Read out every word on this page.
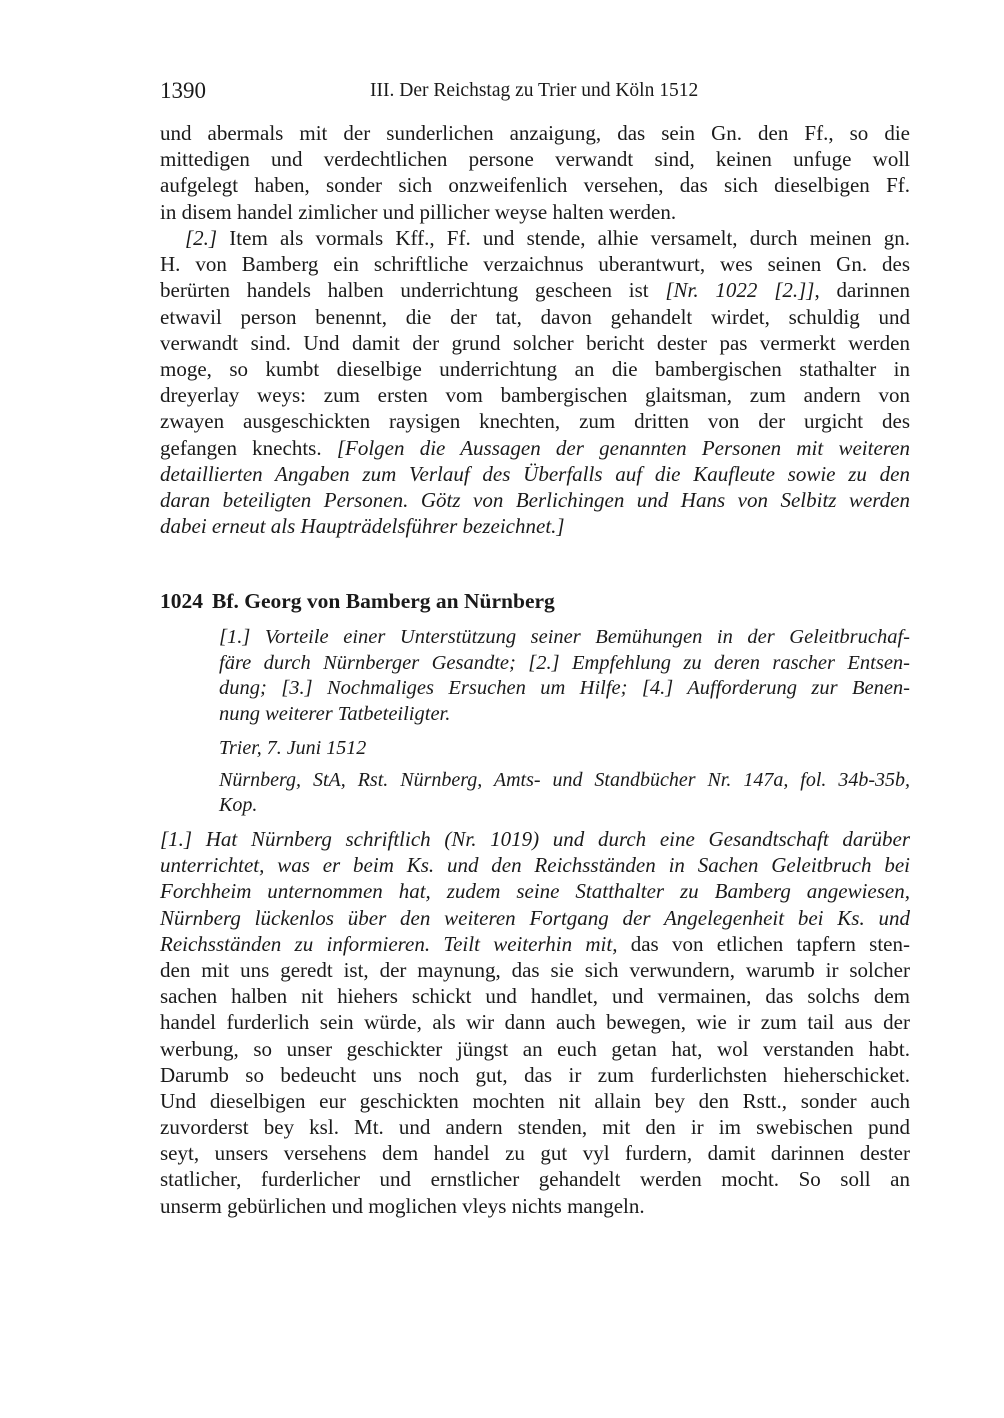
1390	III. Der Reichstag zu Trier und Köln 1512
und abermals mit der sunderlichen anzaigung, das sein Gn. den Ff., so die
mittedigen und verdechtlichen persone verwandt sind, keinen unfuge woll
aufgelegt haben, sonder sich onzweifenlich versehen, das sich dieselbigen Ff.
in disem handel zimlicher und pillicher weyse halten werden.
[2.] Item als vormals Kff., Ff. und stende, alhie versamelt, durch meinen gn.
H. von Bamberg ein schriftliche verzaichnus uberantwurt, wes seinen Gn. des
berürten handels halben underrichtung gescheen ist [Nr. 1022 [2.]], darinnen
etwavil person benennt, die der tat, davon gehandelt wirdet, schuldig und
verwandt sind. Und damit der grund solcher bericht dester pas vermerkt werden
moge, so kumbt dieselbige underrichtung an die bambergischen stathalter in
dreyerlay weys: zum ersten vom bambergischen glaitsman, zum andern von
zwayen ausgeschickten raysigen knechten, zum dritten von der urgicht des
gefangen knechts. [Folgen die Aussagen der genannten Personen mit weiteren
detaillierten Angaben zum Verlauf des Überfalls auf die Kaufleute sowie zu den
daran beteiligten Personen. Götz von Berlichingen und Hans von Selbitz werden
dabei erneut als Haupträdelsführer bezeichnet.]
1024 Bf. Georg von Bamberg an Nürnberg
[1.] Vorteile einer Unterstützung seiner Bemühungen in der Geleitbruchaf-
färe durch Nürnberger Gesandte; [2.] Empfehlung zu deren rascher Entsen-
dung; [3.] Nochmaliges Ersuchen um Hilfe; [4.] Aufforderung zur Benen-
nung weiterer Tatbeteiligter.
Trier, 7. Juni 1512
Nürnberg, StA, Rst. Nürnberg, Amts- und Standbücher Nr. 147a, fol. 34b-35b,
Kop.
[1.] Hat Nürnberg schriftlich (Nr. 1019) und durch eine Gesandtschaft darüber
unterrichtet, was er beim Ks. und den Reichsständen in Sachen Geleitbruch bei
Forchheim unternommen hat, zudem seine Statthalter zu Bamberg angewiesen,
Nürnberg lückenlos über den weiteren Fortgang der Angelegenheit bei Ks. und
Reichsständen zu informieren. Teilt weiterhin mit, das von etlichen tapfern sten-
den mit uns geredt ist, der maynung, das sie sich verwundern, warumb ir solcher
sachen halben nit hiehers schickt und handlet, und vermainen, das solchs dem
handel furderlich sein würde, als wir dann auch bewegen, wie ir zum tail aus der
werbung, so unser geschickter jüngst an euch getan hat, wol verstanden habt.
Darumb so bedeucht uns noch gut, das ir zum furderlichsten hieherschicket.
Und dieselbigen eur geschickten mochten nit allain bey den Rstt., sonder auch
zuvorderst bey ksl. Mt. und andern stenden, mit den ir im swebischen pund
seyt, unsers versehens dem handel zu gut vyl furdern, damit darinnen dester
statlicher, furderlicher und ernstlicher gehandelt werden mocht. So soll an
unserm gebürlichen und moglichen vleys nichts mangeln.
